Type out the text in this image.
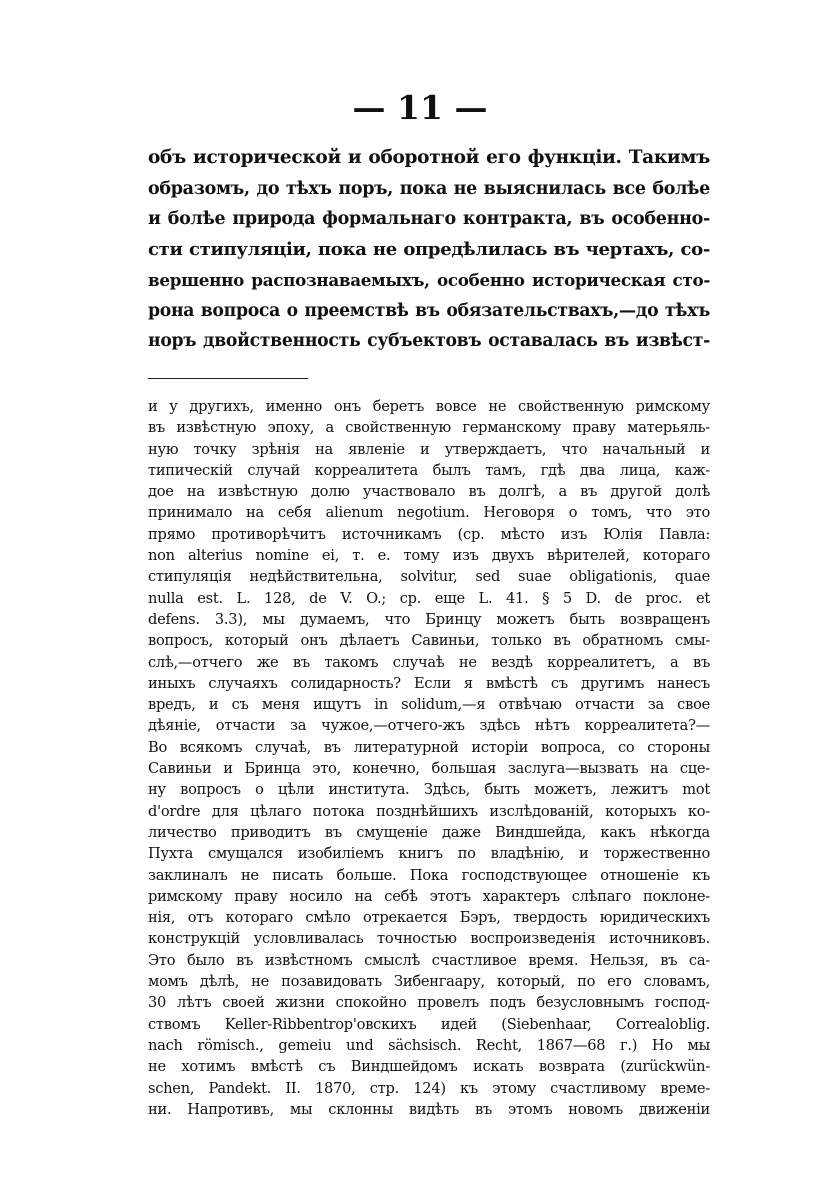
— 11 —
объ исторической и оборотной его функціи. Такимъ
образомъ, до тѣхъ поръ, пока не выяснилась все болѣе
и болѣе природа формальнаго контракта, въ особенно-
сти стипуляціи, пока не опредѣлилась въ чертахъ, со-
вершенно распознаваемыхъ, особенно историческая сто-
рона вопроса о преемствѣ въ обязательствахъ,—до тѣхъ
норъ двойственность субъектовъ оставалась въ извѣст-
и у другихъ, именно онъ беретъ вовсе не свойственную римскому
въ извѣстную эпоху, а свойственную германскому праву матерьяль-
ную точку зрѣнія на явленіе и утверждаетъ, что начальный и
типическій случай корреалитета былъ тамъ, гдѣ два лица, каж-
дое на извѣстную долю участвовало въ долгѣ, а въ другой долѣ
принимало на себя alienum negotium. Неговоря о томъ, что это
прямо противорѣчитъ источникамъ (ср. мѣсто изъ Юлія Павла:
non alterius nomine ei, т. е. тому изъ двухъ вѣрителей, котораго
стипуляція недѣйствительна, solvitur, sed suae obligationis, quae
nulla est. L. 128, de V. O.; ср. еще L. 41. § 5 D. de proc. et
defens. 3.3), мы думаемъ, что Бринцу можетъ быть возвращенъ
вопросъ, который онъ дѣлаетъ Савиньи, только въ обратномъ смы-
слѣ,—отчего же въ такомъ случаѣ не вездѣ корреалитетъ, а въ
иныхъ случаяхъ солидарность? Если я вмѣстѣ съ другимъ нанесъ
вредъ, и съ меня ищутъ in solidum,—я отвѣчаю отчасти за свое
дѣяніе, отчасти за чужое,—отчего-жъ здѣсь нѣтъ корреалитета?—
Во всякомъ случаѣ, въ литературной исторіи вопроса, со стороны
Савиньи и Бринца это, конечно, большая заслуга—вызвать на сце-
ну вопросъ о цѣли института. Здѣсь, быть можетъ, лежитъ mot
d'ordre для цѣлаго потока позднѣйшихъ изслѣдованій, которыхъ ко-
личество приводитъ въ смущеніе даже Виндшейда, какъ нѣкогда
Пухта смущался изобиліемъ книгъ по владѣнію, и торжественно
заклиналъ не писать больше. Пока господствующее отношеніе къ
римскому праву носило на себѣ этотъ характеръ слѣпаго поклоне-
нія, отъ котораго смѣло отрекается Бэръ, твердость юридическихъ
конструкцій условливалась точностью воспроизведенія источниковъ.
Это было въ извѣстномъ смыслѣ счастливое время. Нельзя, въ са-
момъ дѣлѣ, не позавидовать Зибенгаару, который, по его словамъ,
30 лѣтъ своей жизни спокойно провелъ подъ безусловнымъ господ-
ствомъ Keller-Ribbentrop'овскихъ идей (Siebenhaar, Correaloblig.
nach römisch., gemeiu und sächsisch. Recht, 1867—68 г.) Но мы
не хотимъ вмѣстѣ съ Виндшейдомъ искать возврата (zurückwün-
schen, Pandekt. II. 1870, стр. 124) къ этому счастливому време-
ни. Напротивъ, мы склонны видѣть въ этомъ новомъ движеніи
